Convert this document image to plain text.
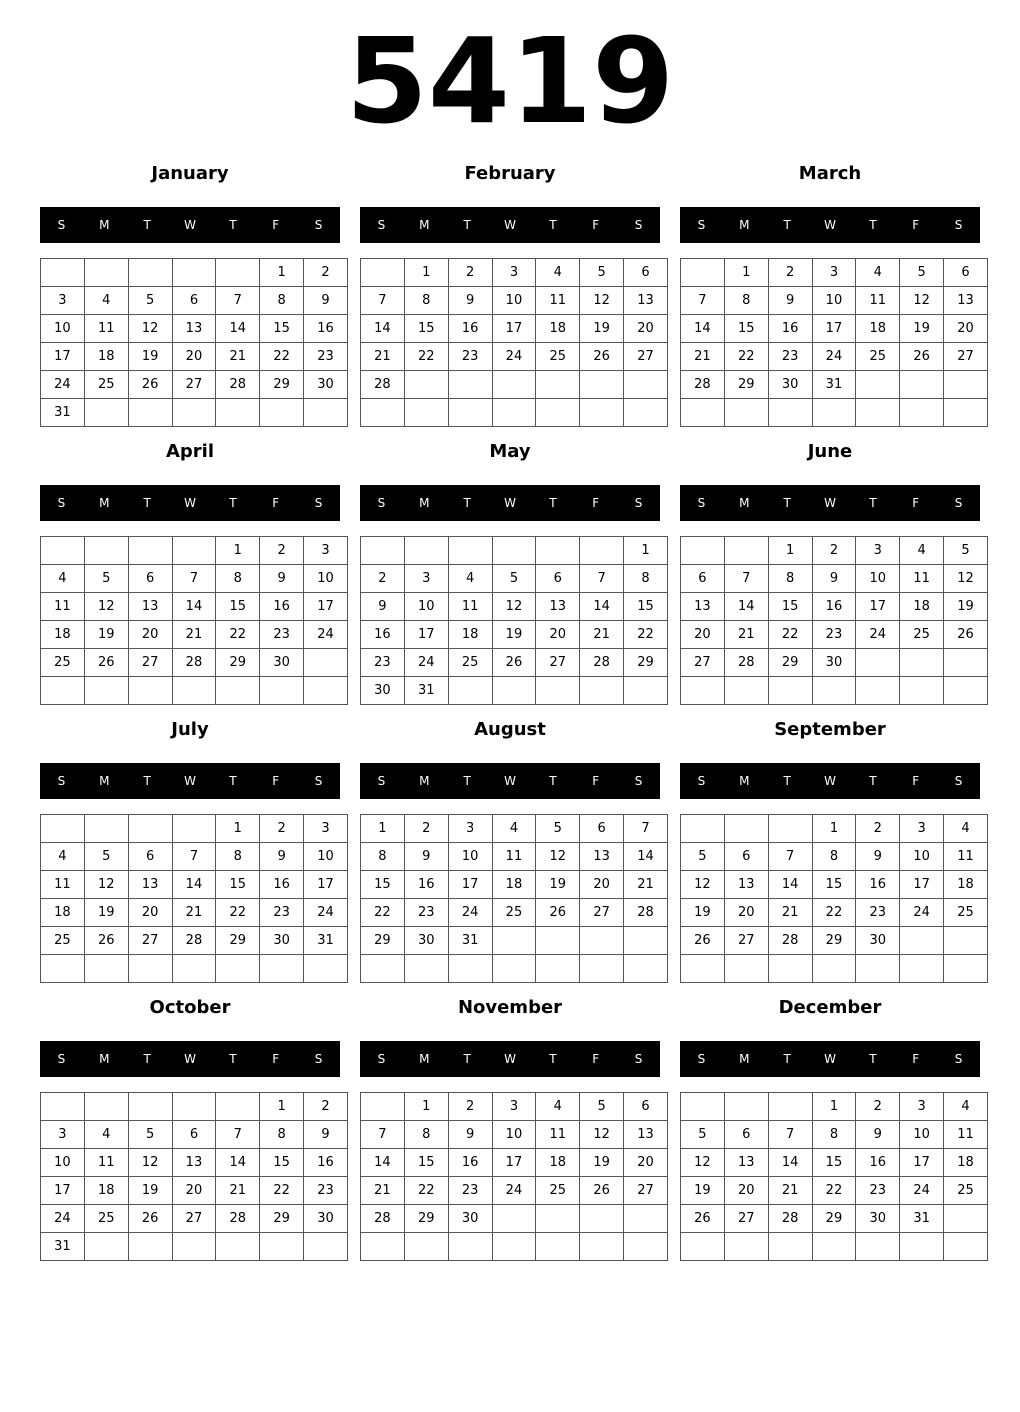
5419
January
S	M	T	W	T	F	S
					1	2
3	4	5	6	7	8	9
10	11	12	13	14	15	16
17	18	19	20	21	22	23
24	25	26	27	28	29	30
31						
February
S	M	T	W	T	F	S
	1	2	3	4	5	6
7	8	9	10	11	12	13
14	15	16	17	18	19	20
21	22	23	24	25	26	27
28						

March
S	M	T	W	T	F	S
	1	2	3	4	5	6
7	8	9	10	11	12	13
14	15	16	17	18	19	20
21	22	23	24	25	26	27
28	29	30	31			

April
S	M	T	W	T	F	S
				1	2	3
4	5	6	7	8	9	10
11	12	13	14	15	16	17
18	19	20	21	22	23	24
25	26	27	28	29	30	

May
S	M	T	W	T	F	S
						1
2	3	4	5	6	7	8
9	10	11	12	13	14	15
16	17	18	19	20	21	22
23	24	25	26	27	28	29
30	31					
June
S	M	T	W	T	F	S
		1	2	3	4	5
6	7	8	9	10	11	12
13	14	15	16	17	18	19
20	21	22	23	24	25	26
27	28	29	30			

July
S	M	T	W	T	F	S
				1	2	3
4	5	6	7	8	9	10
11	12	13	14	15	16	17
18	19	20	21	22	23	24
25	26	27	28	29	30	31

August
S	M	T	W	T	F	S
1	2	3	4	5	6	7
8	9	10	11	12	13	14
15	16	17	18	19	20	21
22	23	24	25	26	27	28
29	30	31				

September
S	M	T	W	T	F	S
			1	2	3	4
5	6	7	8	9	10	11
12	13	14	15	16	17	18
19	20	21	22	23	24	25
26	27	28	29	30		

October
S	M	T	W	T	F	S
					1	2
3	4	5	6	7	8	9
10	11	12	13	14	15	16
17	18	19	20	21	22	23
24	25	26	27	28	29	30
31						
November
S	M	T	W	T	F	S
	1	2	3	4	5	6
7	8	9	10	11	12	13
14	15	16	17	18	19	20
21	22	23	24	25	26	27
28	29	30				

December
S	M	T	W	T	F	S
			1	2	3	4
5	6	7	8	9	10	11
12	13	14	15	16	17	18
19	20	21	22	23	24	25
26	27	28	29	30	31	
